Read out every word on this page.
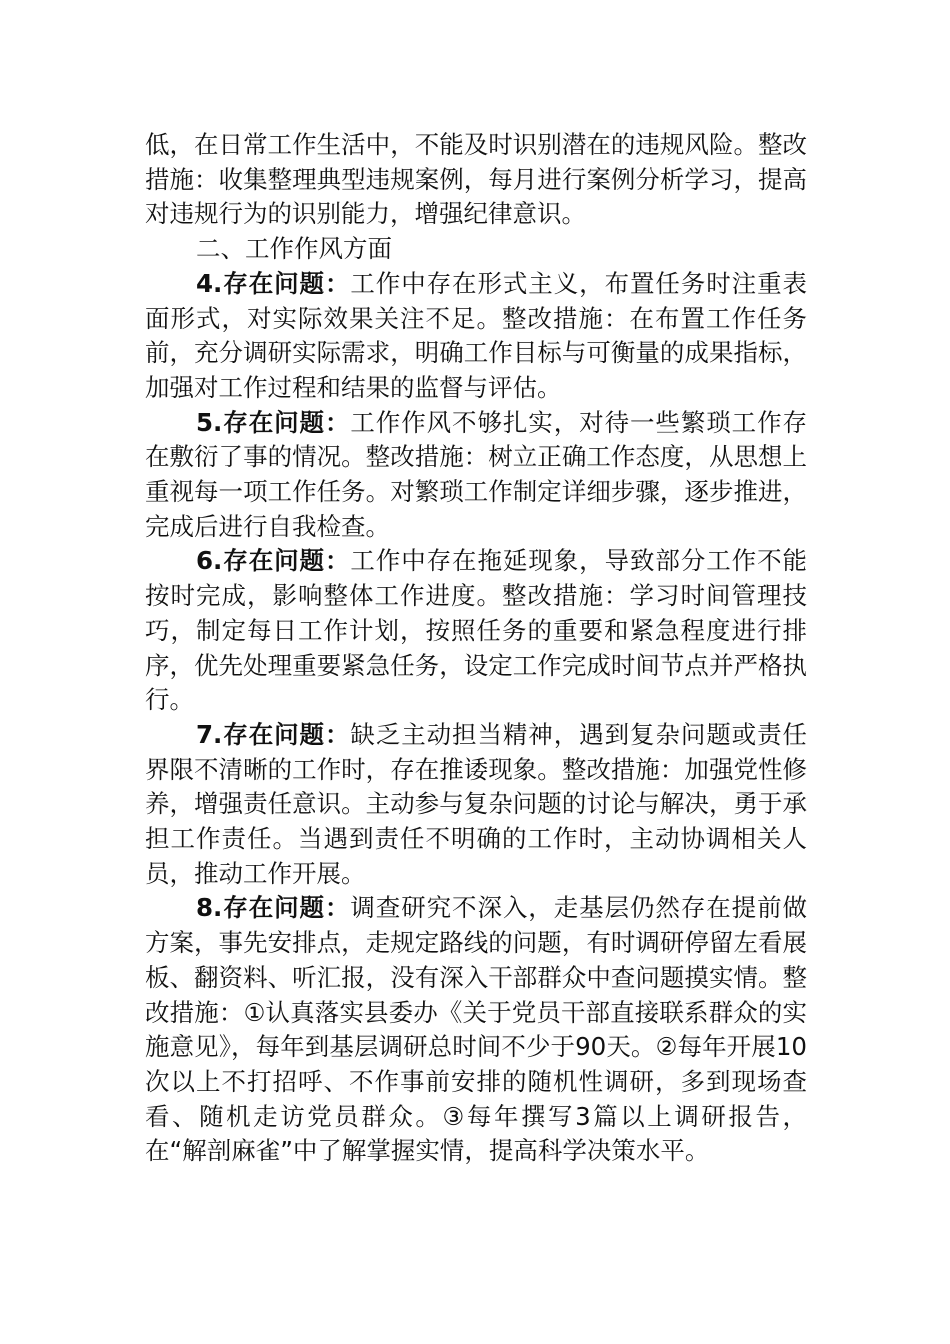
低，在日常工作生活中，不能及时识别潜在的违规风险。整改措施：收集整理典型违规案例，每月进行案例分析学习，提高对违规行为的识别能力，增强纪律意识。

二、工作作风方面

4.存在问题：工作中存在形式主义，布置任务时注重表面形式，对实际效果关注不足。整改措施：在布置工作任务前，充分调研实际需求，明确工作目标与可衡量的成果指标，加强对工作过程和结果的监督与评估。

5.存在问题：工作作风不够扎实，对待一些繁琐工作存在敷衍了事的情况。整改措施：树立正确工作态度，从思想上重视每一项工作任务。对繁琐工作制定详细步骤，逐步推进，完成后进行自我检查。

6.存在问题：工作中存在拖延现象，导致部分工作不能按时完成，影响整体工作进度。整改措施：学习时间管理技巧，制定每日工作计划，按照任务的重要和紧急程度进行排序，优先处理重要紧急任务，设定工作完成时间节点并严格执行。

7.存在问题：缺乏主动担当精神，遇到复杂问题或责任界限不清晰的工作时，存在推诿现象。整改措施：加强党性修养，增强责任意识。主动参与复杂问题的讨论与解决，勇于承担工作责任。当遇到责任不明确的工作时，主动协调相关人员，推动工作开展。

8.存在问题：调查研究不深入，走基层仍然存在提前做方案，事先安排点，走规定路线的问题，有时调研停留左看展板、翻资料、听汇报，没有深入干部群众中查问题摸实情。整改措施：①认真落实县委办《关于党员干部直接联系群众的实施意见》，每年到基层调研总时间不少于90天。②每年开展10次以上不打招呼、不作事前安排的随机性调研，多到现场查看、随机走访党员群众。③每年撰写3篇以上调研报告，在“解剖麻雀”中了解掌握实情，提高科学决策水平。
